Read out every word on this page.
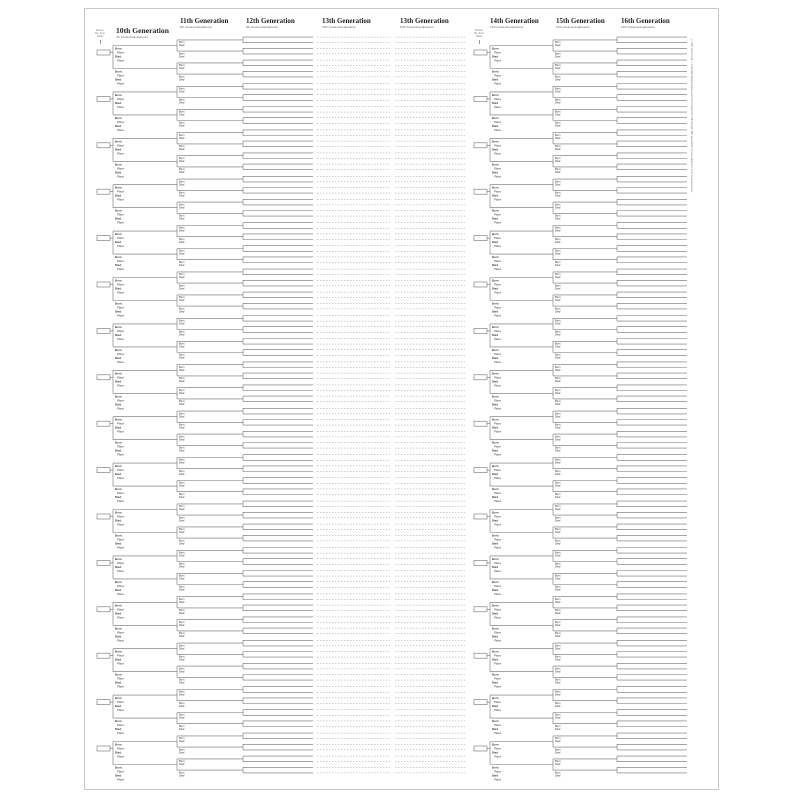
Person
No. from
Chart
Person
No. from
Chart
10th Generation
7th Great-Grandparents
11th Generation
8th Great-Grandparents
12th Generation
9th Great-Grandparents
13th Generation
10th Great-Grandparents
13th Generation
10th Great-Grandparents
14th Generation
11th Great-Grandparents
15th Generation
12th Great-Grandparents
16th Generation
13th Great-Grandparents
©2017 Excel Chart — a printable blank pedigree chart for recording the 10th through 16th generations of your family tree. Free for personal use.
Born
Place
Died
Place
Born
Died
Born
Died
Born
Place
Died
Place
Born
Died
Born
Died
Born
Place
Died
Place
Born
Died
Born
Died
Born
Place
Died
Place
Born
Died
Born
Died
Born
Place
Died
Place
Born
Died
Born
Died
Born
Place
Died
Place
Born
Died
Born
Died
Born
Place
Died
Place
Born
Died
Born
Died
Born
Place
Died
Place
Born
Died
Born
Died
Born
Place
Died
Place
Born
Died
Born
Died
Born
Place
Died
Place
Born
Died
Born
Died
Born
Place
Died
Place
Born
Died
Born
Died
Born
Place
Died
Place
Born
Died
Born
Died
Born
Place
Died
Place
Born
Died
Born
Died
Born
Place
Died
Place
Born
Died
Born
Died
Born
Place
Died
Place
Born
Died
Born
Died
Born
Place
Died
Place
Born
Died
Born
Died
Born
Place
Died
Place
Born
Died
Born
Died
Born
Place
Died
Place
Born
Died
Born
Died
Born
Place
Died
Place
Born
Died
Born
Died
Born
Place
Died
Place
Born
Died
Born
Died
Born
Place
Died
Place
Born
Died
Born
Died
Born
Place
Died
Place
Born
Died
Born
Died
Born
Place
Died
Place
Born
Died
Born
Died
Born
Place
Died
Place
Born
Died
Born
Died
Born
Place
Died
Place
Born
Died
Born
Died
Born
Place
Died
Place
Born
Died
Born
Died
Born
Place
Died
Place
Born
Died
Born
Died
Born
Place
Died
Place
Born
Died
Born
Died
Born
Place
Died
Place
Born
Died
Born
Died
Born
Place
Died
Place
Born
Died
Born
Died
Born
Place
Died
Place
Born
Died
Born
Died
Born
Place
Died
Place
Born
Died
Born
Died
Born
Place
Died
Place
Born
Died
Born
Died
Born
Place
Died
Place
Born
Died
Born
Died
Born
Place
Died
Place
Born
Died
Born
Died
Born
Place
Died
Place
Born
Died
Born
Died
Born
Place
Died
Place
Born
Died
Born
Died
Born
Place
Died
Place
Born
Died
Born
Died
Born
Place
Died
Place
Born
Died
Born
Died
Born
Place
Died
Place
Born
Died
Born
Died
Born
Place
Died
Place
Born
Died
Born
Died
Born
Place
Died
Place
Born
Died
Born
Died
Born
Place
Died
Place
Born
Died
Born
Died
Born
Place
Died
Place
Born
Died
Born
Died
Born
Place
Died
Place
Born
Died
Born
Died
Born
Place
Died
Place
Born
Died
Born
Died
Born
Place
Died
Place
Born
Died
Born
Died
Born
Place
Died
Place
Born
Died
Born
Died
Born
Place
Died
Place
Born
Died
Born
Died
Born
Place
Died
Place
Born
Died
Born
Died
Born
Place
Died
Place
Born
Died
Born
Died
Born
Place
Died
Place
Born
Died
Born
Died
Born
Place
Died
Place
Born
Died
Born
Died
Born
Place
Died
Place
Born
Died
Born
Died
Born
Place
Died
Place
Born
Died
Born
Died
Born
Place
Died
Place
Born
Died
Born
Died
Born
Place
Died
Place
Born
Died
Born
Died
Born
Place
Died
Place
Born
Died
Born
Died
Born
Place
Died
Place
Born
Died
Born
Died
Born
Place
Died
Place
Born
Died
Born
Died
Born
Place
Died
Place
Born
Died
Born
Died
Born
Place
Died
Place
Born
Died
Born
Died
Born
Place
Died
Place
Born
Died
Born
Died
Born
Place
Died
Place
Born
Died
Born
Died
